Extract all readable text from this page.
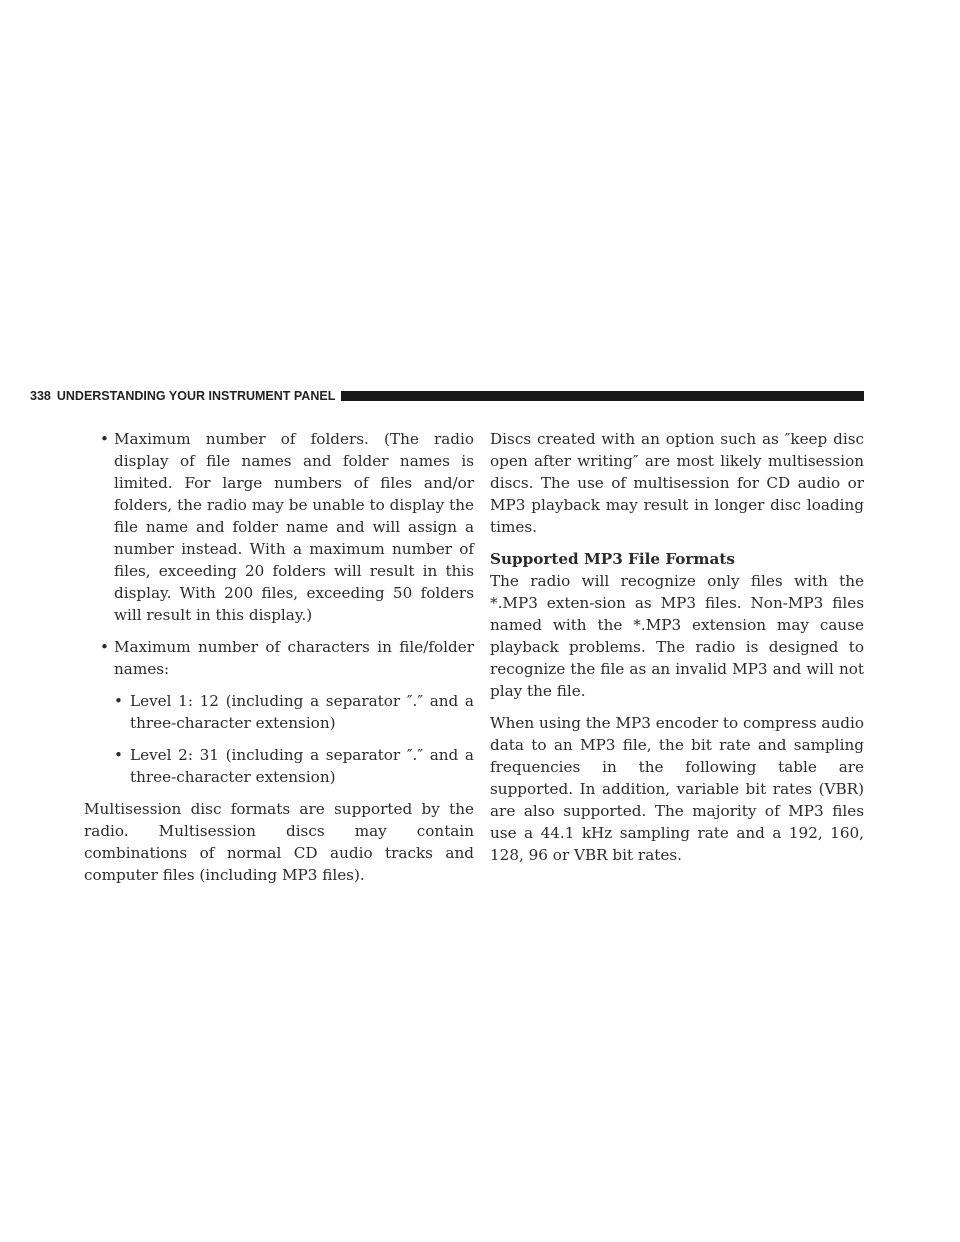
338 UNDERSTANDING YOUR INSTRUMENT PANEL

• Maximum number of folders. (The radio display of file names and folder names is limited. For large numbers of files and/or folders, the radio may be unable to display the file name and folder name and will assign a number instead. With a maximum number of files, exceeding 20 folders will result in this display. With 200 files, exceeding 50 folders will result in this display.)

• Maximum number of characters in file/folder names:

• Level 1: 12 (including a separator ″.″ and a three-character extension)

• Level 2: 31 (including a separator ″.″ and a three-character extension)

Multisession disc formats are supported by the radio. Multisession discs may contain combinations of normal CD audio tracks and computer files (including MP3 files).

Discs created with an option such as ″keep disc open after writing″ are most likely multisession discs. The use of multisession for CD audio or MP3 playback may result in longer disc loading times.

Supported MP3 File Formats

The radio will recognize only files with the *.MP3 exten-sion as MP3 files. Non-MP3 files named with the *.MP3 extension may cause playback problems. The radio is designed to recognize the file as an invalid MP3 and will not play the file.

When using the MP3 encoder to compress audio data to an MP3 file, the bit rate and sampling frequencies in the following table are supported. In addition, variable bit rates (VBR) are also supported. The majority of MP3 files use a 44.1 kHz sampling rate and a 192, 160, 128, 96 or VBR bit rates.
